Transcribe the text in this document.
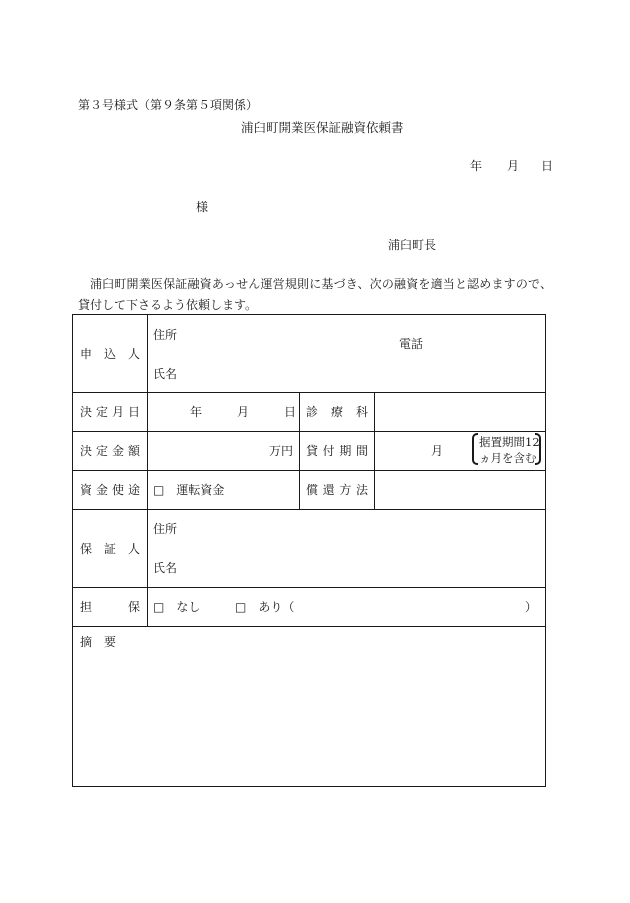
第３号様式（第９条第５項関係）
浦臼町開業医保証融資依頼書
年 月 日
様
浦臼町長
浦臼町開業医保証融資あっせん運営規則に基づき、次の融資を適当と認めますので、貸付して下さるよう依頼します。
申 込 人
住所
氏名
電話
決 定 月 日	年	月	日 診 療 科
決 定 金 額	万円 貸 付 期 間	月
据置期間12
ヵ月を含む
資 金 使 途 □　運転資金	償 還 方 法
保 証 人
住所
氏名
担	保 □　なし	□　あり（	）
摘 要
